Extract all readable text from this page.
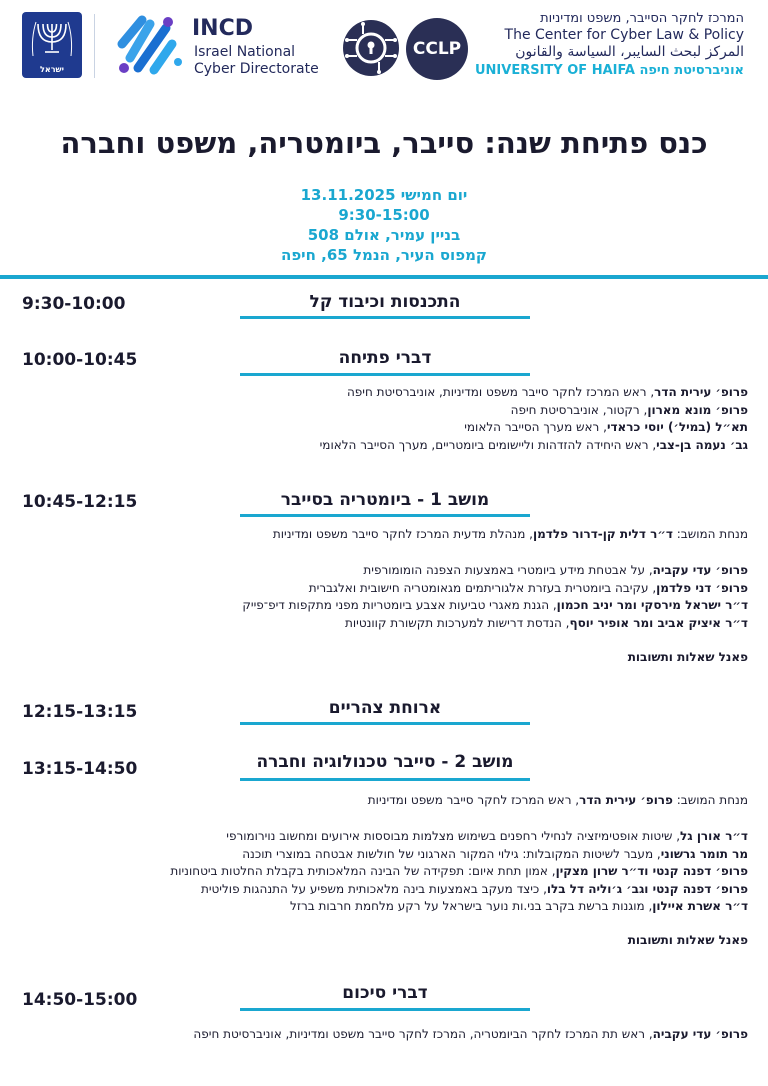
ישראל
INCD
Israel National
Cyber Directorate
CCLP
המרכז לחקר הסייבר, משפט ומדיניות
The Center for Cyber Law & Policy
المركز لبحث السايبر، السياسة والقانون
UNIVERSITY OF HAIFA אוניברסיטת חיפה
כנס פתיחת שנה: סייבר, ביומטריה, משפט וחברה
יום חמישי 13.11.2025
9:30-15:00
בניין עמיר, אולם 508
קמפוס העיר, הנמל 65, חיפה
9:30-10:00	התכנסות וכיבוד קל
10:00-10:45	דברי פתיחה
פרופ׳ עירית הדר, ראש המרכז לחקר סייבר משפט ומדיניות, אוניברסיטת חיפה
פרופ׳ מונא מארון, רקטור, אוניברסיטת חיפה
תא״ל (במיל׳) יוסי כראדי, ראש מערך הסייבר הלאומי
גב׳ נעמה בן-צבי, ראש היחידה להזדהות וליישומים ביומטריים, מערך הסייבר הלאומי
10:45-12:15	מושב 1 - ביומטריה בסייבר
מנחת המושב: ד״ר דלית קן-דרור פלדמן, מנהלת מדעית המרכז לחקר סייבר משפט ומדיניות
פרופ׳ עדי עקביה, על אבטחת מידע ביומטרי באמצעות הצפנה הומומורפית
פרופ׳ דני פלדמן, עקיבה ביומטרית בעזרת אלגוריתמים מגאומטריה חישובית ואלגברית
ד״ר ישראל מירסקי ומר יניב חכמון, הגנת מאגרי טביעות אצבע ביומטריות מפני מתקפות דיפ־פייק
ד״ר איציק אביב ומר אופיר יוסף, הנדסת דרישות למערכות תקשורת קוונטיות
פאנל שאלות ותשובות
12:15-13:15	ארוחת צהריים
13:15-14:50	מושב 2 - סייבר טכנולוגיה וחברה
מנחת המושב: פרופ׳ עירית הדר, ראש המרכז לחקר סייבר משפט ומדיניות
ד״ר אורן גל, שיטות אופטימיזציה לנחילי רחפנים בשימוש מצלמות מבוססות אירועים ומחשוב נוירומורפי
מר תומר גרשוני, מעבר לשיטות המקובלות: גילוי המקור הארגוני של חולשות אבטחה במוצרי תוכנה
פרופ׳ דפנה קנטי וד״ר שרון מצקין, אמון תחת איום: תפקידה של הבינה המלאכותית בקבלת החלטות ביטחוניות
פרופ׳ דפנה קנטי וגב׳ ג׳וליה דל בלו, כיצד מעקב באמצעות בינה מלאכותית משפיע על התנהגות פוליטית
ד״ר אשרת איילון, מוגנות ברשת בקרב בני.ות נוער בישראל על רקע מלחמת חרבות ברזל
פאנל שאלות ותשובות
14:50-15:00	דברי סיכום
פרופ׳ עדי עקביה, ראש תת המרכז לחקר הביומטריה, המרכז לחקר סייבר משפט ומדיניות, אוניברסיטת חיפה
